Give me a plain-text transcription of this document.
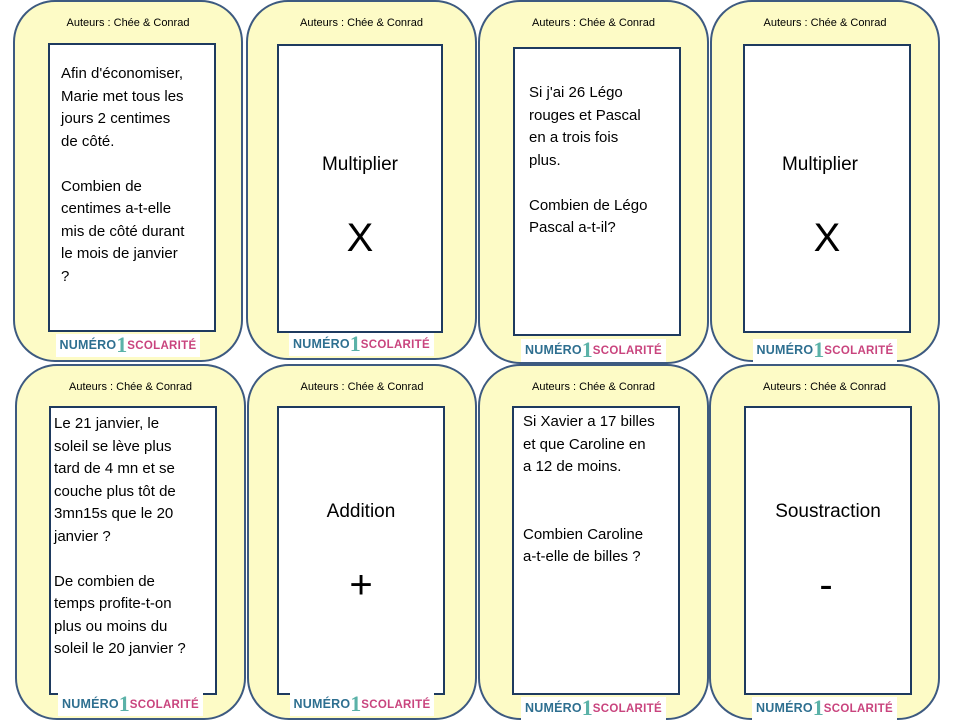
Auteurs : Chée & Conrad

Afin d'économiser,
Marie met tous les
jours 2 centimes
de côté.

Combien de
centimes a-t-elle
mis de côté durant
le mois de janvier
?

NUMÉRO1SCOLARITÉ
Auteurs : Chée & Conrad
Multiplier
X
NUMÉRO1SCOLARITÉ
Auteurs : Chée & Conrad

Si j'ai 26 Légo
rouges et Pascal
en a trois fois
plus.

Combien de Légo
Pascal a-t-il?

NUMÉRO1SCOLARITÉ
Auteurs : Chée & Conrad
Multiplier
X
NUMÉRO1SCOLARITÉ
Auteurs : Chée & Conrad

Le 21 janvier, le
soleil se lève plus
tard de 4 mn et se
couche plus tôt de
3mn15s que le 20
janvier ?

De combien de
temps profite-t-on
plus ou moins du
soleil le 20 janvier ?

NUMÉRO1SCOLARITÉ
Auteurs : Chée & Conrad
Addition
+
NUMÉRO1SCOLARITÉ
Auteurs : Chée & Conrad

Si Xavier a 17 billes
et que Caroline en
a 12 de moins.

Combien Caroline
a-t-elle de billes ?

NUMÉRO1SCOLARITÉ
Auteurs : Chée & Conrad
Soustraction
-
NUMÉRO1SCOLARITÉ
